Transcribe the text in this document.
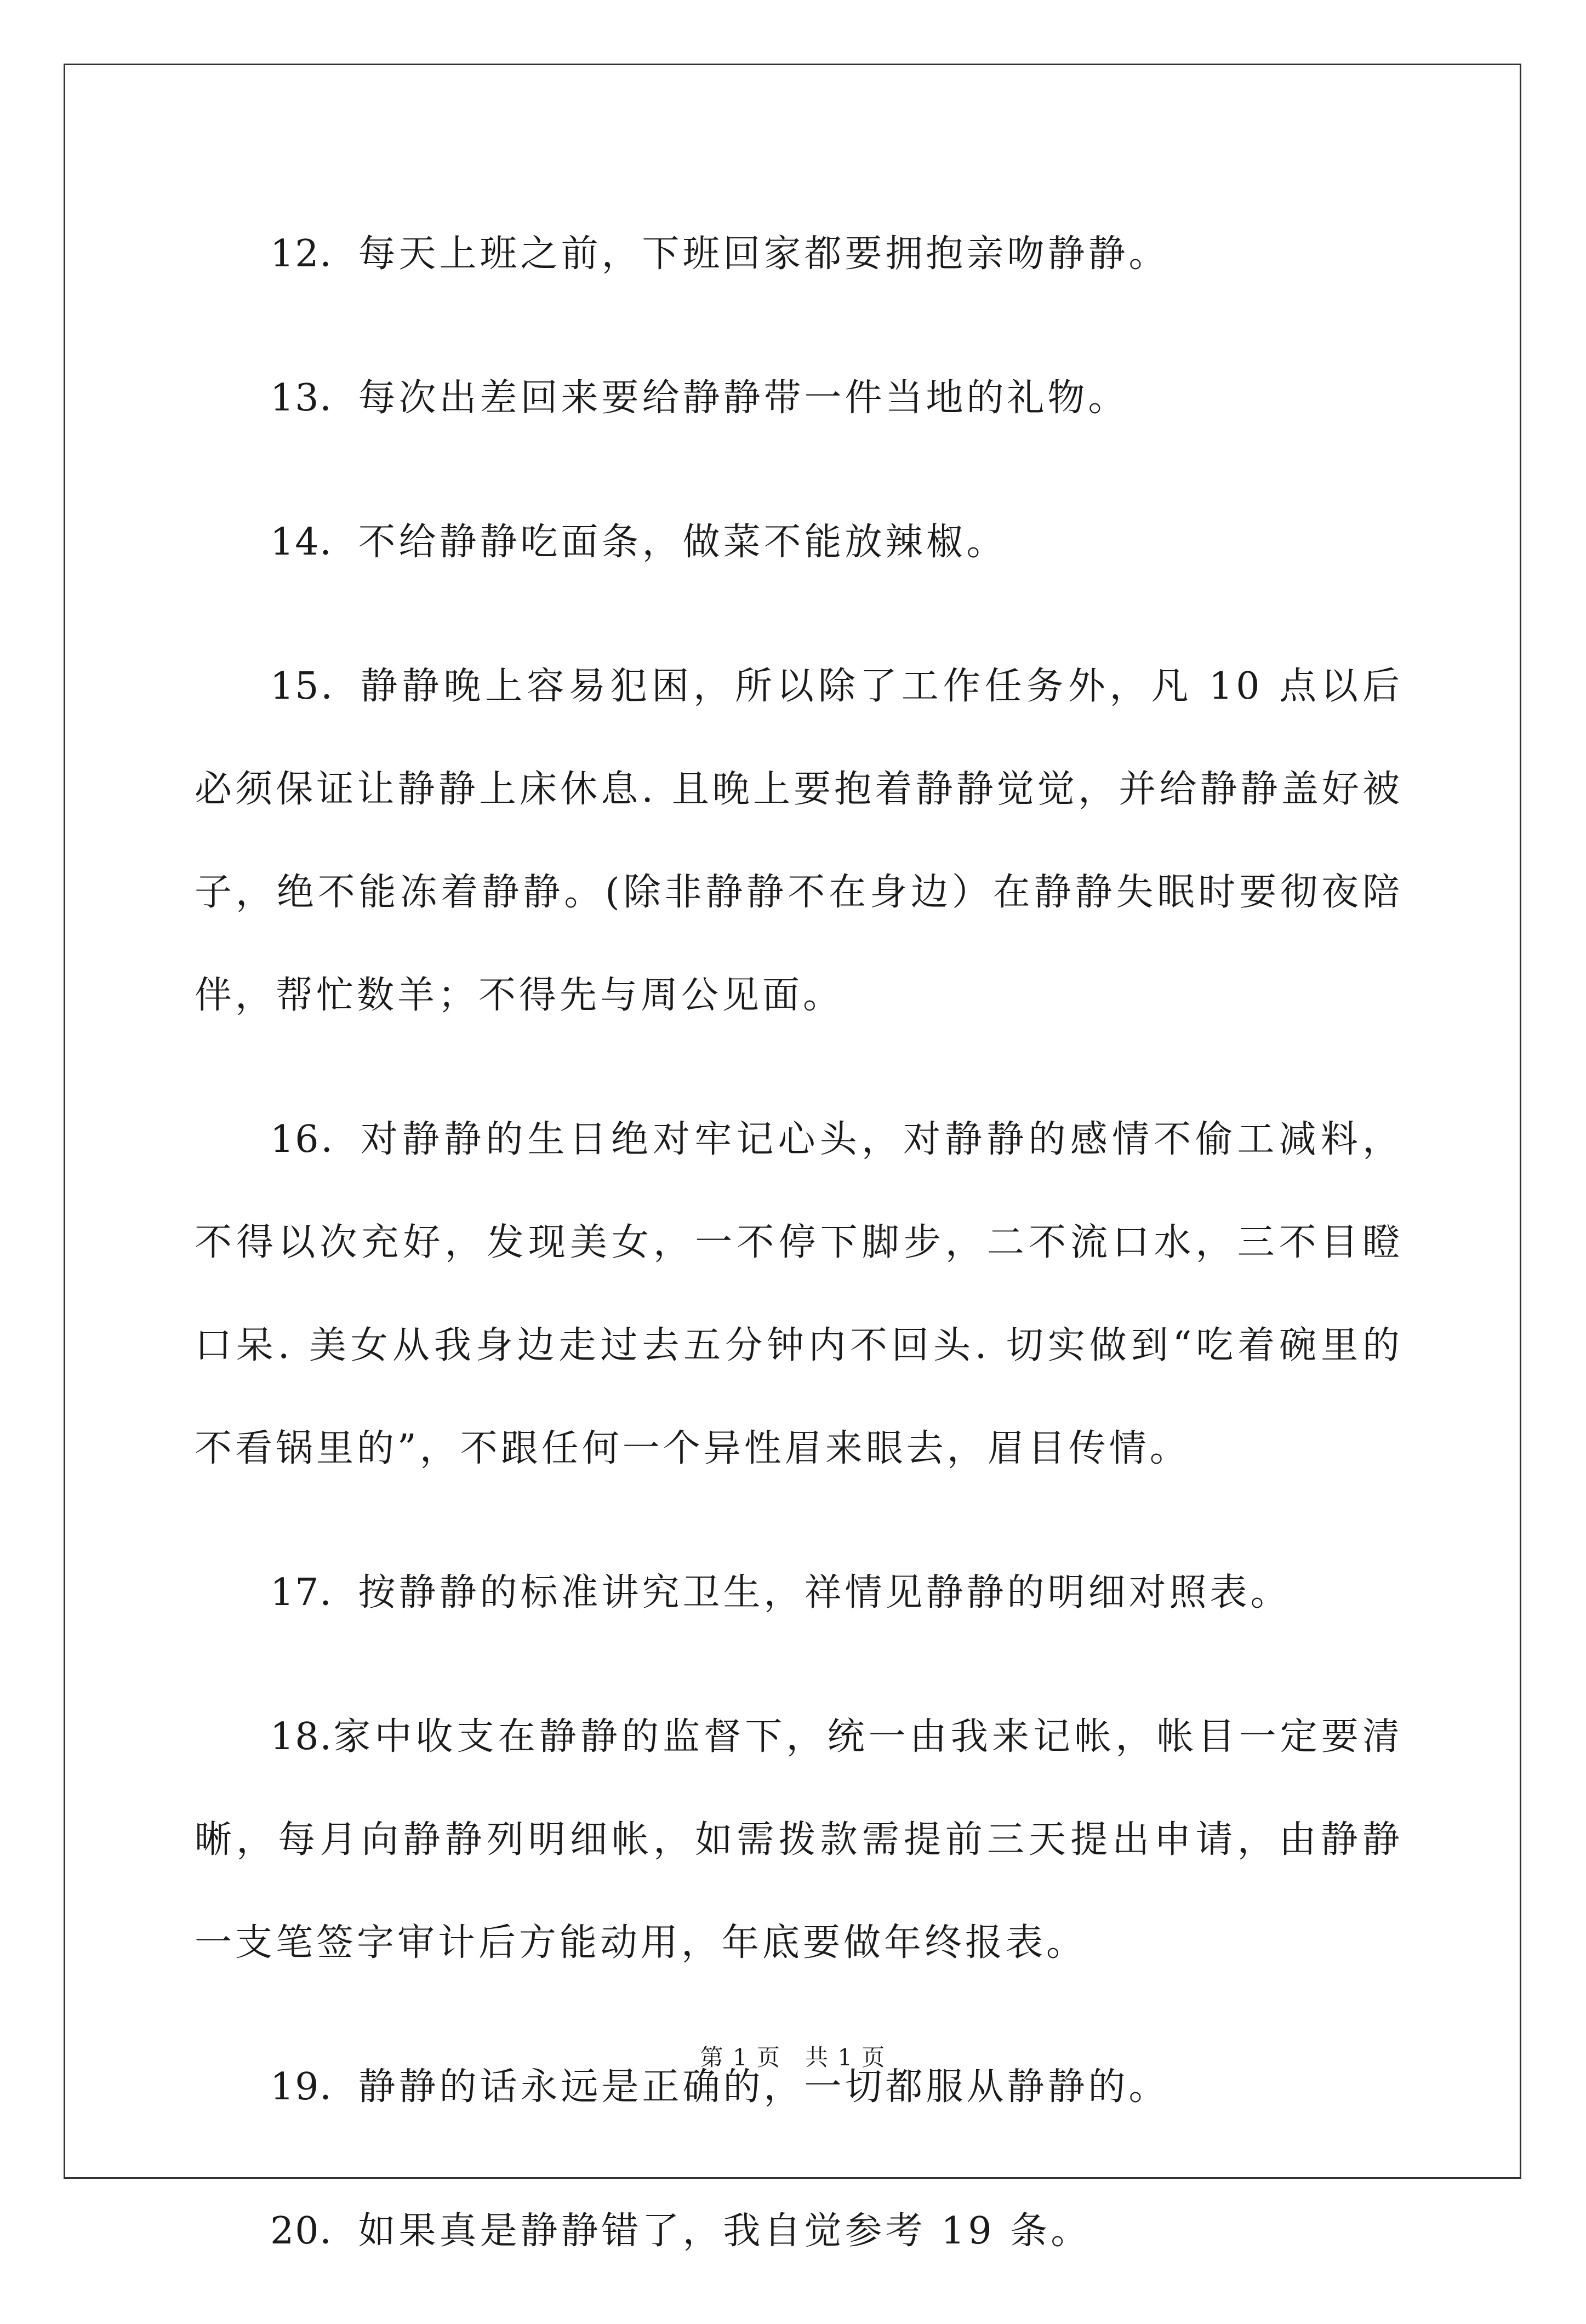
12．每天上班之前，下班回家都要拥抱亲吻静静。

13．每次出差回来要给静静带一件当地的礼物。

14．不给静静吃面条，做菜不能放辣椒。

15．静静晚上容易犯困，所以除了工作任务外，凡 10 点以后必须保证让静静上床休息. 且晚上要抱着静静觉觉，并给静静盖好被子，绝不能冻着静静。(除非静静不在身边）在静静失眠时要彻夜陪伴，帮忙数羊；不得先与周公见面。

16．对静静的生日绝对牢记心头，对静静的感情不偷工减料，不得以次充好，发现美女，一不停下脚步，二不流口水，三不目瞪口呆. 美女从我身边走过去五分钟内不回头. 切实做到“吃着碗里的不看锅里的”，不跟任何一个异性眉来眼去，眉目传情。

17．按静静的标准讲究卫生，祥情见静静的明细对照表。

18.家中收支在静静的监督下，统一由我来记帐，帐目一定要清晰，每月向静静列明细帐，如需拨款需提前三天提出申请，由静静一支笔签字审计后方能动用，年底要做年终报表。

19．静静的话永远是正确的，一切都服从静静的。

20．如果真是静静错了，我自觉参考 19 条。

第 1 页 共 1 页
